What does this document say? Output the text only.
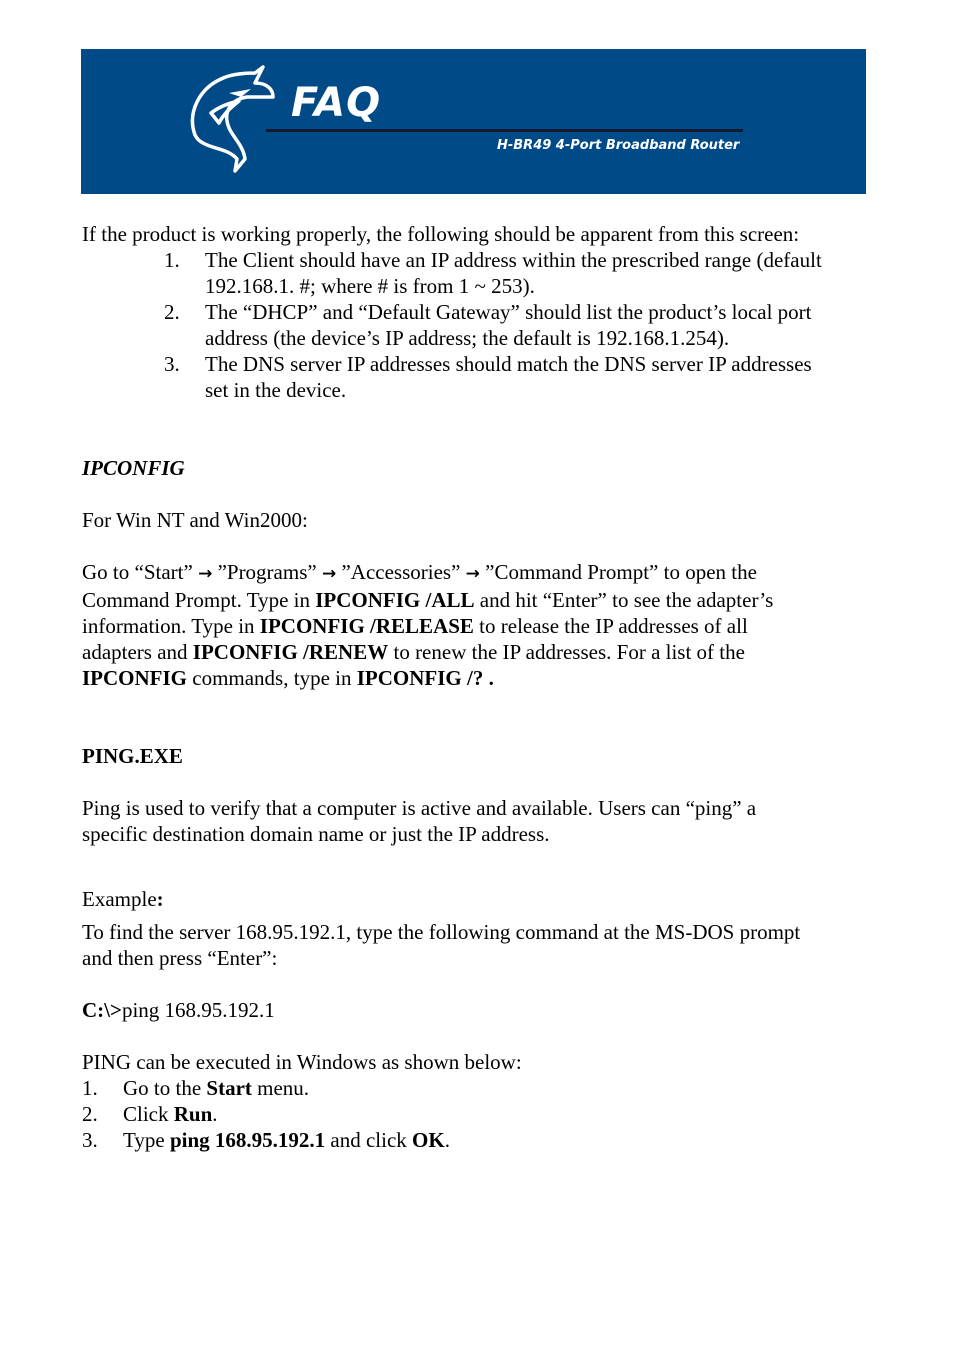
FAQ
H-BR49 4-Port Broadband Router

If the product is working properly, the following should be apparent from this screen:

1. The Client should have an IP address within the prescribed range (default 192.168.1. #; where # is from 1 ~ 253).
2. The “DHCP” and “Default Gateway” should list the product’s local port address (the device’s IP address; the default is 192.168.1.254).
3. The DNS server IP addresses should match the DNS server IP addresses set in the device.

IPCONFIG

For Win NT and Win2000:

Go to “Start” → ”Programs” → ”Accessories” → ”Command Prompt” to open the Command Prompt. Type in IPCONFIG /ALL and hit “Enter” to see the adapter’s information. Type in IPCONFIG /RELEASE to release the IP addresses of all adapters and IPCONFIG /RENEW to renew the IP addresses. For a list of the IPCONFIG commands, type in IPCONFIG /? .

PING.EXE

Ping is used to verify that a computer is active and available. Users can “ping” a specific destination domain name or just the IP address.

Example:

To find the server 168.95.192.1, type the following command at the MS-DOS prompt and then press “Enter”:

C:\>ping 168.95.192.1

PING can be executed in Windows as shown below:

1. Go to the Start menu.
2. Click Run.
3. Type ping 168.95.192.1 and click OK.
